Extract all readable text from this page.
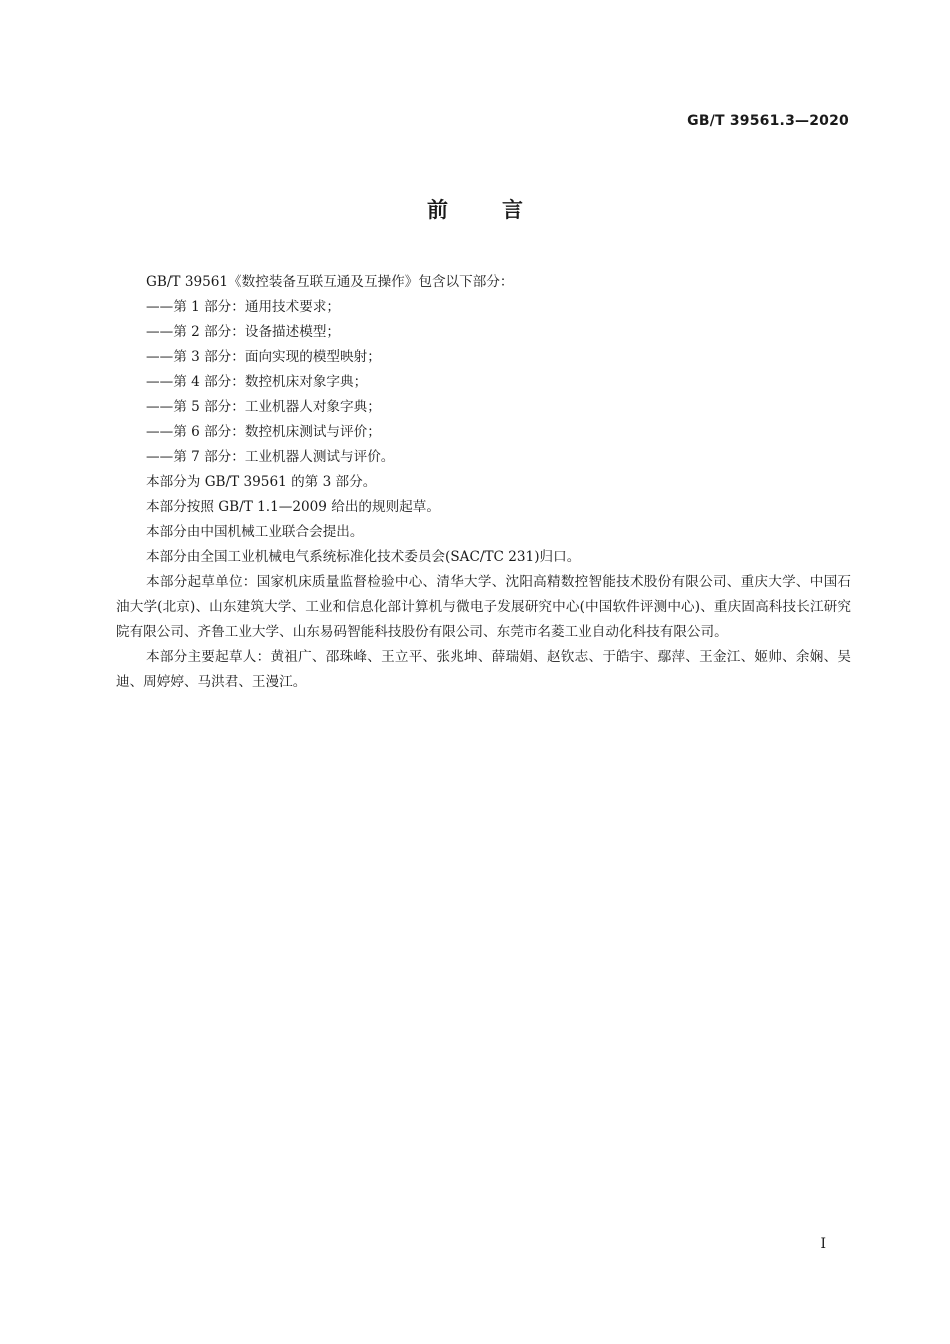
GB/T 39561.3—2020
前言

GB/T 39561《数控装备互联互通及互操作》包含以下部分：

——第 1 部分：通用技术要求；

——第 2 部分：设备描述模型；

——第 3 部分：面向实现的模型映射；

——第 4 部分：数控机床对象字典；

——第 5 部分：工业机器人对象字典；

——第 6 部分：数控机床测试与评价；

——第 7 部分：工业机器人测试与评价。

本部分为 GB/T 39561 的第 3 部分。

本部分按照 GB/T 1.1—2009 给出的规则起草。

本部分由中国机械工业联合会提出。

本部分由全国工业机械电气系统标准化技术委员会(SAC/TC 231)归口。

本部分起草单位：国家机床质量监督检验中心、清华大学、沈阳高精数控智能技术股份有限公司、重庆大学、中国石油大学(北京)、山东建筑大学、工业和信息化部计算机与微电子发展研究中心(中国软件评测中心)、重庆固高科技长江研究院有限公司、齐鲁工业大学、山东易码智能科技股份有限公司、东莞市名菱工业自动化科技有限公司。

本部分主要起草人：黄祖广、邵珠峰、王立平、张兆坤、薛瑞娟、赵钦志、于皓宇、鄢萍、王金江、姬帅、余娴、吴迪、周婷婷、马洪君、王漫江。

I
